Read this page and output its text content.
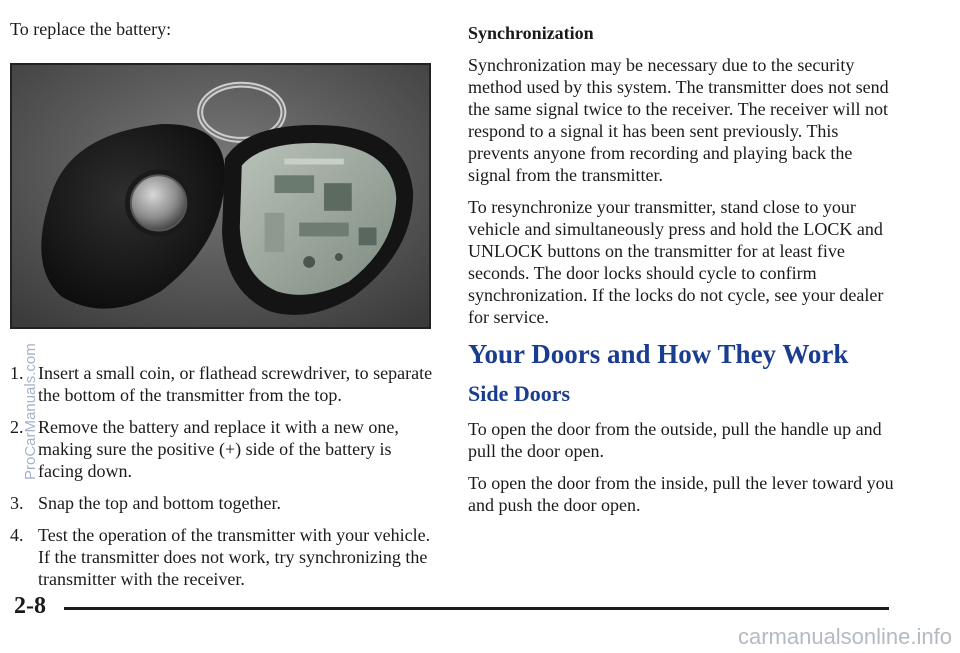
To replace the battery:

1. Insert a small coin, or flathead screwdriver, to separate the bottom of the transmitter from the top.
2. Remove the battery and replace it with a new one, making sure the positive (+) side of the battery is facing down.
3. Snap the top and bottom together.
4. Test the operation of the transmitter with your vehicle. If the transmitter does not work, try synchronizing the transmitter with the receiver.
Synchronization

Synchronization may be necessary due to the security method used by this system. The transmitter does not send the same signal twice to the receiver. The receiver will not respond to a signal it has been sent previously. This prevents anyone from recording and playing back the signal from the transmitter.

To resynchronize your transmitter, stand close to your vehicle and simultaneously press and hold the LOCK and UNLOCK buttons on the transmitter for at least five seconds. The door locks should cycle to confirm synchronization. If the locks do not cycle, see your dealer for service.

Your Doors and How They Work
Side Doors

To open the door from the outside, pull the handle up and pull the door open.

To open the door from the inside, pull the lever toward you and push the door open.

2-8
ProCarManuals.com
carmanualsonline.info
